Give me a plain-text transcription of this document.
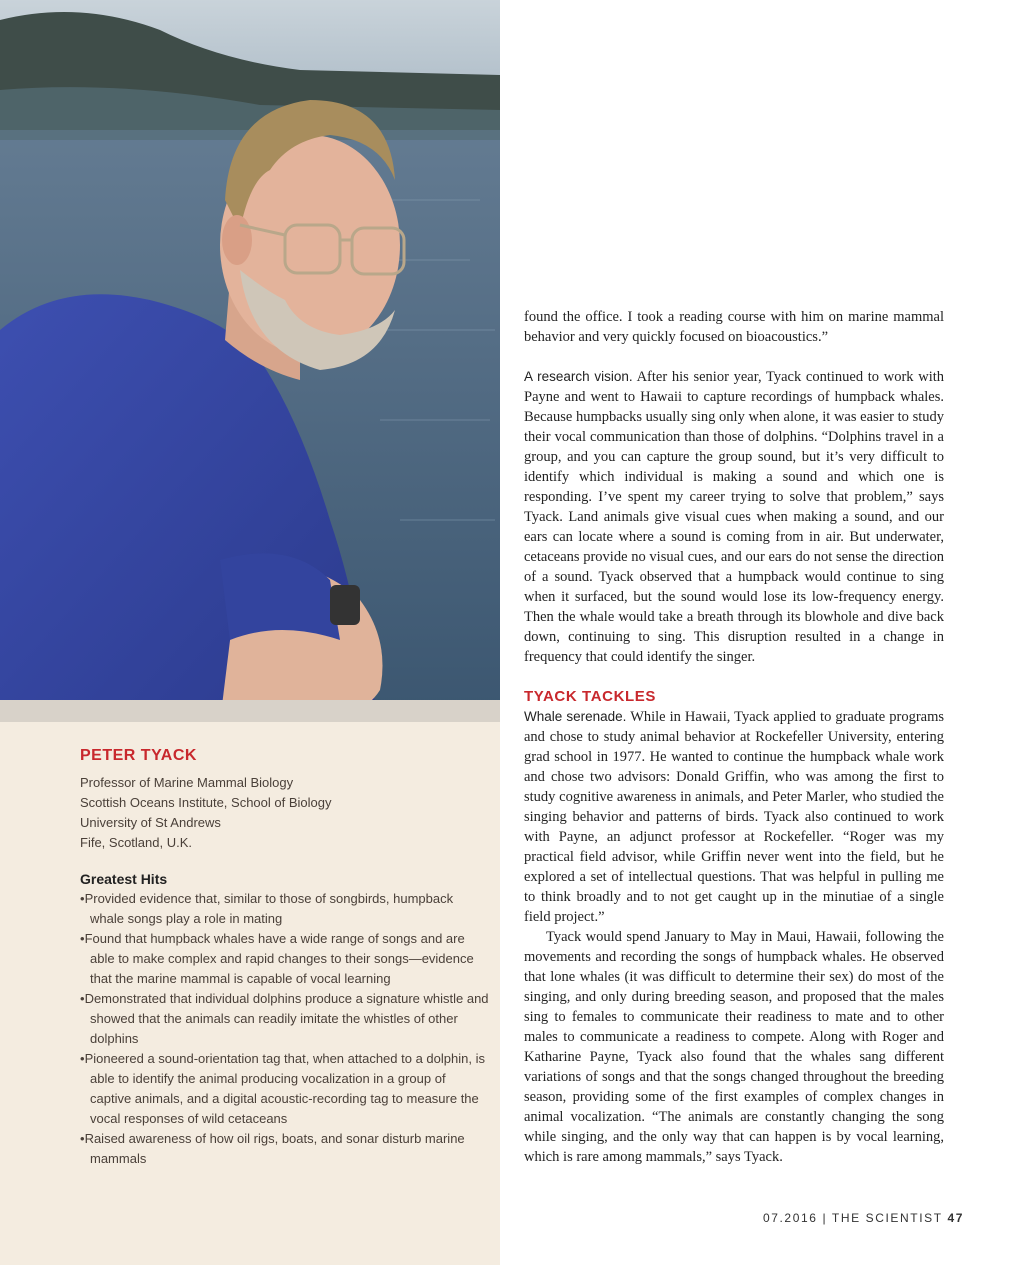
PETER TYACK

Professor of Marine Mammal Biology

Scottish Oceans Institute, School of Biology

University of St Andrews

Fife, Scotland, U.K.

Greatest Hits
• Provided evidence that, similar to those of songbirds, humpback whale songs play a role in mating
• Found that humpback whales have a wide range of songs and are able to make complex and rapid changes to their songs—evidence that the marine mammal is capable of vocal learning
• Demonstrated that individual dolphins produce a signature whistle and showed that the animals can readily imitate the whistles of other dolphins
• Pioneered a sound-orientation tag that, when attached to a dolphin, is able to identify the animal producing vocalization in a group of captive animals, and a digital acoustic-recording tag to measure the vocal responses of wild cetaceans
• Raised awareness of how oil rigs, boats, and sonar disturb marine mammals

found the office. I took a reading course with him on marine mammal behavior and very quickly focused on bioacoustics.”

A research vision. After his senior year, Tyack continued to work with Payne and went to Hawaii to capture recordings of humpback whales. Because humpbacks usually sing only when alone, it was easier to study their vocal communication than those of dolphins. “Dolphins travel in a group, and you can capture the group sound, but it’s very difficult to identify which individual is making a sound and which one is responding. I’ve spent my career trying to solve that problem,” says Tyack. Land animals give visual cues when making a sound, and our ears can locate where a sound is coming from in air. But underwater, cetaceans provide no visual cues, and our ears do not sense the direction of a sound. Tyack observed that a humpback would continue to sing when it surfaced, but the sound would lose its low-frequency energy. Then the whale would take a breath through its blowhole and dive back down, continuing to sing. This disruption resulted in a change in frequency that could identify the singer.

TYACK TACKLES

Whale serenade. While in Hawaii, Tyack applied to graduate programs and chose to study animal behavior at Rockefeller University, entering grad school in 1977. He wanted to continue the humpback whale work and chose two advisors: Donald Griffin, who was among the first to study cognitive awareness in animals, and Peter Marler, who studied the singing behavior and patterns of birds. Tyack also continued to work with Payne, an adjunct professor at Rockefeller. “Roger was my practical field advisor, while Griffin never went into the field, but he explored a set of intellectual questions. That was helpful in pulling me to think broadly and to not get caught up in the minutiae of a single field project.”

Tyack would spend January to May in Maui, Hawaii, following the movements and recording the songs of humpback whales. He observed that lone whales (it was difficult to determine their sex) do most of the singing, and only during breeding season, and proposed that the males sing to females to communicate their readiness to mate and to other males to communicate a readiness to compete. Along with Roger and Katharine Payne, Tyack also found that the whales sang different variations of songs and that the songs changed throughout the breeding season, providing some of the first examples of complex changes in animal vocalization. “The animals are constantly changing the song while singing, and the only way that can happen is by vocal learning, which is rare among mammals,” says Tyack.

07.2016 | THE SCIENTIST 47
